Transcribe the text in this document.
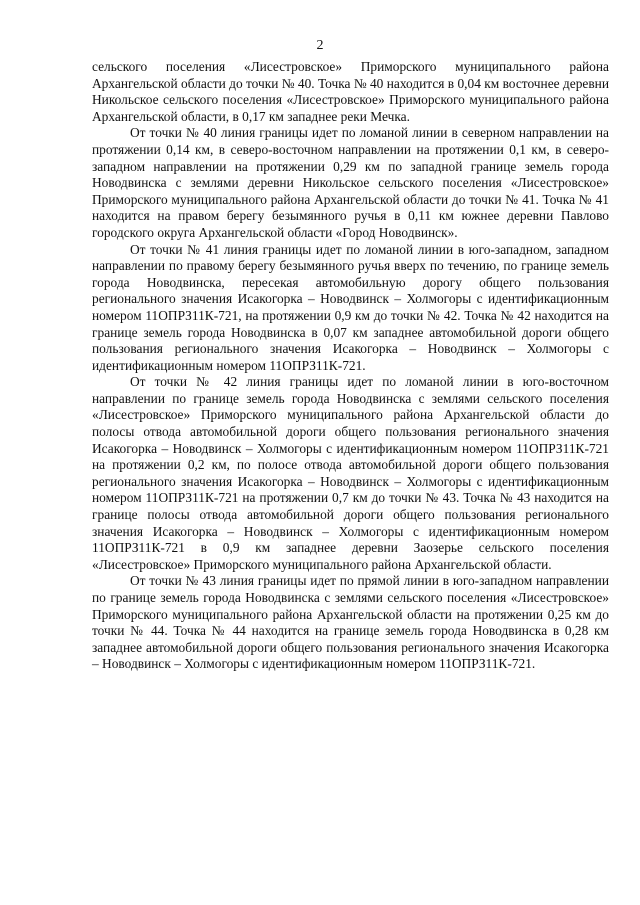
2

сельского поселения «Лисестровское» Приморского муниципального района Архангельской области до точки № 40. Точка № 40 находится в 0,04 км восточнее деревни Никольское сельского поселения «Лисестровское» Приморского муниципального района Архангельской области, в 0,17 км западнее реки Мечка.

От точки № 40 линия границы идет по ломаной линии в северном направлении на протяжении 0,14 км, в северо-восточном направлении на протяжении 0,1 км, в северо-западном направлении на протяжении 0,29 км по западной границе земель города Новодвинска с землями деревни Никольское сельского поселения «Лисестровское» Приморского муниципального района Архангельской области до точки № 41. Точка № 41 находится на правом берегу безымянного ручья в 0,11 км южнее деревни Павлово городского округа Архангельской области «Город Новодвинск».

От точки № 41 линия границы идет по ломаной линии в юго-западном, западном направлении по правому берегу безымянного ручья вверх по течению, по границе земель города Новодвинска, пересекая автомобильную дорогу общего пользования регионального значения Исакогорка – Новодвинск – Холмогоры с идентификационным номером 11ОПРЗ11К-721, на протяжении 0,9 км до точки № 42. Точка № 42 находится на границе земель города Новодвинска в 0,07 км западнее автомобильной дороги общего пользования регионального значения Исакогорка – Новодвинск – Холмогоры с идентификационным номером 11ОПРЗ11К-721.

От точки № 42 линия границы идет по ломаной линии в юго-восточном направлении по границе земель города Новодвинска с землями сельского поселения «Лисестровское» Приморского муниципального района Архангельской области до полосы отвода автомобильной дороги общего пользования регионального значения Исакогорка – Новодвинск – Холмогоры с идентификационным номером 11ОПРЗ11К-721 на протяжении 0,2 км, по полосе отвода автомобильной дороги общего пользования регионального значения Исакогорка – Новодвинск – Холмогоры с идентификационным номером 11ОПРЗ11К-721 на протяжении 0,7 км до точки № 43. Точка № 43 находится на границе полосы отвода автомобильной дороги общего пользования регионального значения Исакогорка – Новодвинск – Холмогоры с идентификационным номером 11ОПРЗ11К-721 в 0,9 км западнее деревни Заозерье сельского поселения «Лисестровское» Приморского муниципального района Архангельской области.

От точки № 43 линия границы идет по прямой линии в юго-западном направлении по границе земель города Новодвинска с землями сельского поселения «Лисестровское» Приморского муниципального района Архангельской области на протяжении 0,25 км до точки № 44. Точка № 44 находится на границе земель города Новодвинска в 0,28 км западнее автомобильной дороги общего пользования регионального значения Исакогорка – Новодвинск – Холмогоры с идентификационным номером 11ОПРЗ11К-721.
